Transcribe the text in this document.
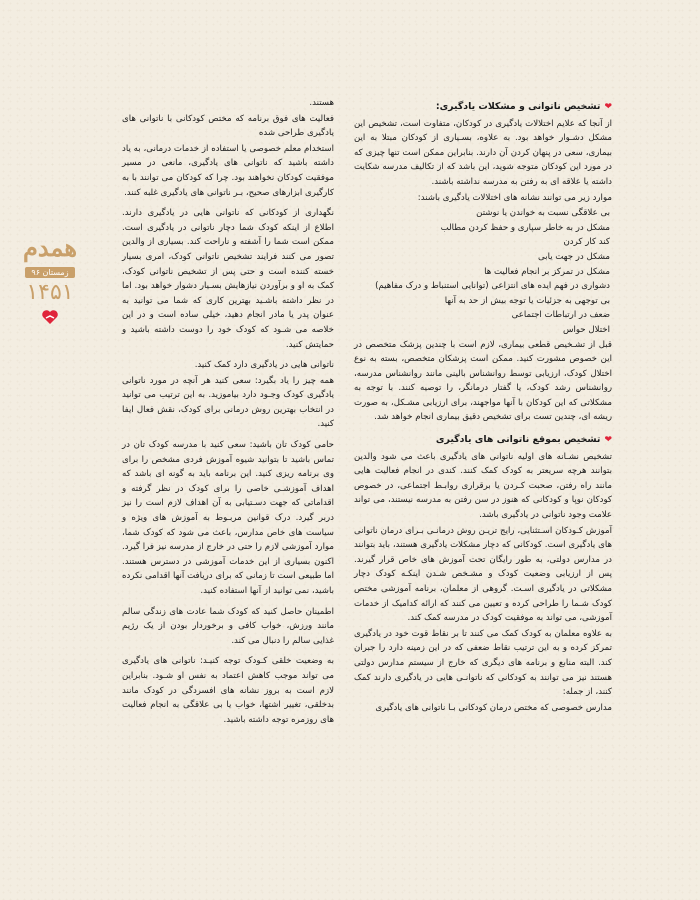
❤
تشخیص ناتوانی و مشکلات یادگیری:

از آنجا که علایم اختلالات یادگیری در کودکان، متفاوت است، تشخیص این مشکل دشـوار خواهد بود. به علاوه، بسـیاری از کودکان مبتلا به این بیماری، سعی در پنهان کردن آن دارند. بنابراین ممکن است تنها چیزی که در مورد این کودکان متوجه شوید، این باشد که از تکالیف مدرسه شکایت داشته یا علاقه ای به رفتن به مدرسه نداشته باشند.

موارد زیر می توانند نشانه های اختلالات یادگیری باشند:

بی علاقگی نسبت به خواندن یا نوشتن

مشکل در به خاطر سپاری و حفظ کردن مطالب

کند کار کردن

مشکل در جهت یابی

مشکل در تمرکز بر انجام فعالیت ها

دشواری در فهم ایده های انتزاعی (توانایی استنباط و درک مفاهیم)

بی توجهی به جزئیات یا توجه بیش از حد به آنها

ضعف در ارتباطات اجتماعی

اختلال حواس

قبل از تشـخیص قطعی بیماری، لازم است با چندین پزشک متخصص در این خصوص مشورت کنید. ممکن است پزشکان متخصص، بسته به نوع اختلال کودک، ارزیابی توسط روانشناس بالینی مانند روانشناس مدرسه، روانشناس رشد کودک، یا گفتار درمانگر، را توصیه کنند. با توجه به مشکلاتی که این کودکان با آنها مواجهند، برای ارزیابی مشـکل، به صورت ریشه ای، چندین تست برای تشخیص دقیق بیماری انجام خواهد شد.

❤
تشخیص بموقع ناتوانی های یادگیری

تشخیص نشـانه های اولیه ناتوانی های یادگیری باعث می شود والدین بتوانند هرچه سریعتر به کودک کمک کنند. کندی در انجام فعالیت هایی مانند راه رفتن، صحبت کـردن یا برقراری روابـط اجتماعی، در خصوص کودکان نوپا و کودکانی که هنوز در سن رفتن به مدرسه نیستند، می تواند علامت وجود ناتوانی در یادگیری باشد.

آموزش کـودکان اسـتثنایی، رایج تریـن روش درمانـی بـرای درمان ناتوانی های یادگیری است. کودکانی که دچار مشکلات یادگیری هستند، باید بتوانند در مدارس دولتی، به طور رایگان تحت آموزش های خاص قرار گیرند. پس از ارزیابی وضعیت کودک و مشـخص شـدن اینکـه کودک دچار مشکلاتی در یادگیری اسـت. گروهی از معلمان، برنامه آموزشی مختص کودک شـما را طراحی کرده و تعیین می کنند که ارائه کدامیک از خدمات آموزشی، می تواند به موفقیت کودک در مدرسه کمک کند.

به علاوه معلمان به کودک کمک می کنند تا بر نقاط قوت خود در یادگیری تمرکز کرده و به این ترتیب نقاط ضعفی که در این زمینه دارد را جبران کند. البته منابع و برنامه های دیگری که خارج از سیستم مدارس دولتی هستند نیز می توانند به کودکانی که ناتوانـی هایی در یادگیری دارند کمک کنند، از جمله:

مدارس خصوصی که مختص درمان کودکانی بـا ناتوانی های یادگیری

هستند.

فعالیت های فوق برنامه که مختص کودکانی با ناتوانی های یادگیری طراحی شده

استخدام معلم خصوصی یا استفاده از خدمات درمانی، به یاد داشته باشید که ناتوانی های یادگیری، مانعی در مسیر موفقیت کودکان نخواهند بود. چرا که کودکان می توانند با به کارگیری ابزارهای صحیح، بـر ناتوانی های یادگیری غلبه کنند.

نگهداری از کودکانی که ناتوانی هایی در یادگیری دارند. اطلاع از اینکه کودک شما دچار ناتوانی در یادگیری است. ممکن است شما را آشفته و ناراحت کند. بسیاری از والدین تصور می کنند فرایند تشخیص ناتوانی کودک، امری بسیار خسته کننده است و حتی پس از تشخیص ناتوانی کودک، کمک به او و برآوردن نیازهایش بسـیار دشوار خواهد بود. اما در نظر داشته باشـید بهترین کاری که شما می توانید به عنوان پدر یا مادر انجام دهید، خیلی ساده است و در این خلاصه می شـود که کودک خود را دوست داشته باشید و حمایتش کنید.

ناتوانی هایی در یادگیری دارد کمک کنید.

همه چیز را یاد بگیرد: سعی کنید هر آنچه در مورد ناتوانی یادگیری کودک وجـود دارد بیاموزید. به این ترتیب می توانید در انتخاب بهترین روش درمانی برای کودک، نقش فعال ایفا کنید.

حامی کودک تان باشید: سعی کنید با مدرسه کودک تان در تماس باشید تا بتوانید شیوه آموزش فردی مشخص را برای وی برنامه ریزی کنید. این برنامه باید به گونه ای باشد که اهداف آموزشـی خاصی را برای کودک در نظر گرفته و اقداماتی که جهت دسـتیابی به آن اهداف لازم است را نیز دربر گیرد. درک قوانین مربـوط به آموزش های ویژه و سیاست های خاص مدارس، باعث می شود که کودک شما، موارد آموزشی لازم را حتی در خارج از مدرسه نیز فرا گیرد. اکنون بسیاری از این خدمات آموزشی در دسترس هستند. اما طبیعی است تا زمانی که برای دریافت آنها اقدامی نکرده باشید، نمی توانید از آنها استفاده کنید.

اطمینان حاصل کنید که کودک شما عادت های زندگی سالم مانند ورزش، خواب کافی و برخوردار بودن از یک رژیم غذایی سالم را دنبال می کند.

به وضعیت خلقی کـودک توجه کنیـد: ناتوانی های یادگیری می تواند موجب کاهش اعتماد به نفس او شـود. بنابراین لازم است به بروز نشانه های افسردگی در کودک مانند بدخلقی، تغییر اشتها، خواب یا بی علاقگی به انجام فعالیت های روزمره توجه داشته باشید.

همدم
زمستان ۹۶
۱۴۵۱
